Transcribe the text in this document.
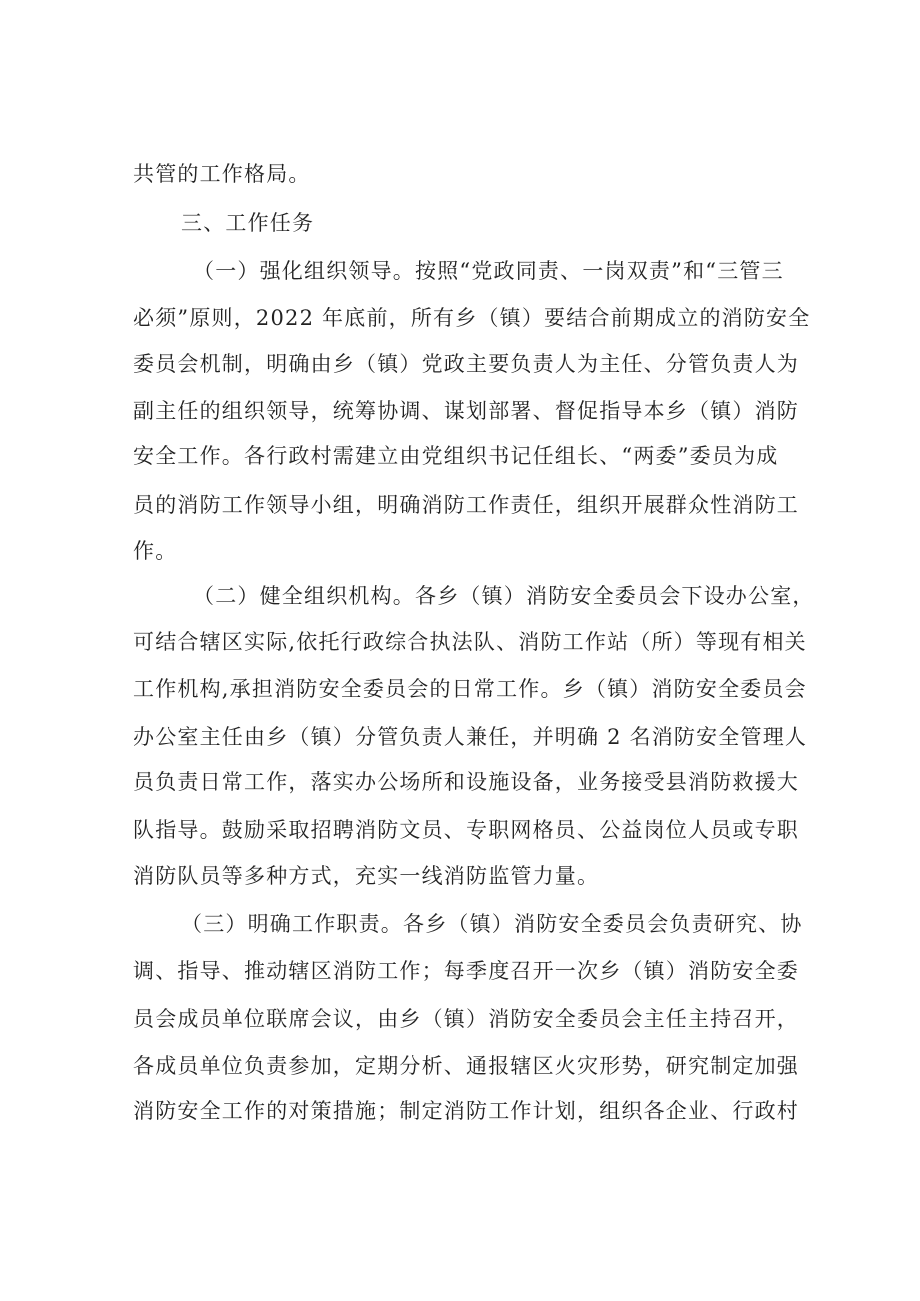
共管的工作格局。
三、工作任务
（一）强化组织领导。按照“党政同责、一岗双责”和“三管三
必须”原则，2022 年底前，所有乡（镇）要结合前期成立的消防安全
委员会机制，明确由乡（镇）党政主要负责人为主任、分管负责人为
副主任的组织领导，统筹协调、谋划部署、督促指导本乡（镇）消防
安全工作。各行政村需建立由党组织书记任组长、“两委”委员为成
员的消防工作领导小组，明确消防工作责任，组织开展群众性消防工
作。
（二）健全组织机构。各乡（镇）消防安全委员会下设办公室，
可结合辖区实际,依托行政综合执法队、消防工作站（所）等现有相关
工作机构,承担消防安全委员会的日常工作。乡（镇）消防安全委员会
办公室主任由乡（镇）分管负责人兼任，并明确 2 名消防安全管理人
员负责日常工作，落实办公场所和设施设备，业务接受县消防救援大
队指导。鼓励采取招聘消防文员、专职网格员、公益岗位人员或专职
消防队员等多种方式，充实一线消防监管力量。
（三）明确工作职责。各乡（镇）消防安全委员会负责研究、协
调、指导、推动辖区消防工作；每季度召开一次乡（镇）消防安全委
员会成员单位联席会议，由乡（镇）消防安全委员会主任主持召开，
各成员单位负责参加，定期分析、通报辖区火灾形势，研究制定加强
消防安全工作的对策措施；制定消防工作计划，组织各企业、行政村
